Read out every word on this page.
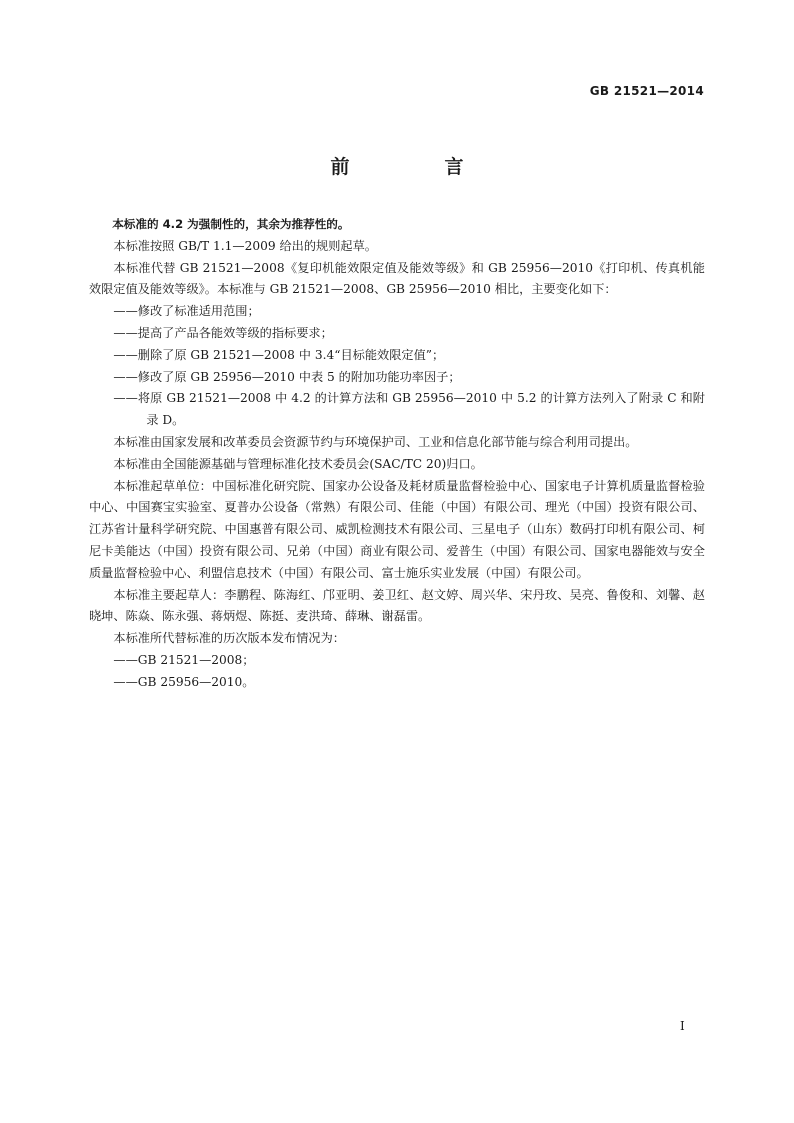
GB 21521—2014
前　言

本标准的 4.2 为强制性的，其余为推荐性的。

本标准按照 GB/T 1.1—2009 给出的规则起草。

本标准代替 GB 21521—2008《复印机能效限定值及能效等级》和 GB 25956—2010《打印机、传真机能效限定值及能效等级》。本标准与 GB 21521—2008、GB 25956—2010 相比，主要变化如下：

——修改了标准适用范围；

——提高了产品各能效等级的指标要求；

——删除了原 GB 21521—2008 中 3.4“目标能效限定值”；

——修改了原 GB 25956—2010 中表 5 的附加功能功率因子；

——将原 GB 21521—2008 中 4.2 的计算方法和 GB 25956—2010 中 5.2 的计算方法列入了附录 C 和附录 D。

本标准由国家发展和改革委员会资源节约与环境保护司、工业和信息化部节能与综合利用司提出。

本标准由全国能源基础与管理标准化技术委员会(SAC/TC 20)归口。

本标准起草单位：中国标准化研究院、国家办公设备及耗材质量监督检验中心、国家电子计算机质量监督检验中心、中国赛宝实验室、夏普办公设备（常熟）有限公司、佳能（中国）有限公司、理光（中国）投资有限公司、江苏省计量科学研究院、中国惠普有限公司、威凯检测技术有限公司、三星电子（山东）数码打印机有限公司、柯尼卡美能达（中国）投资有限公司、兄弟（中国）商业有限公司、爱普生（中国）有限公司、国家电器能效与安全质量监督检验中心、利盟信息技术（中国）有限公司、富士施乐实业发展（中国）有限公司。

本标准主要起草人：李鹏程、陈海红、邝亚明、姜卫红、赵文婷、周兴华、宋丹玫、吴亮、鲁俊和、刘馨、赵晓坤、陈焱、陈永强、蒋炳煜、陈挺、麦洪琦、薛琳、谢磊雷。

本标准所代替标准的历次版本发布情况为：

——GB 21521—2008；

——GB 25956—2010。

I
